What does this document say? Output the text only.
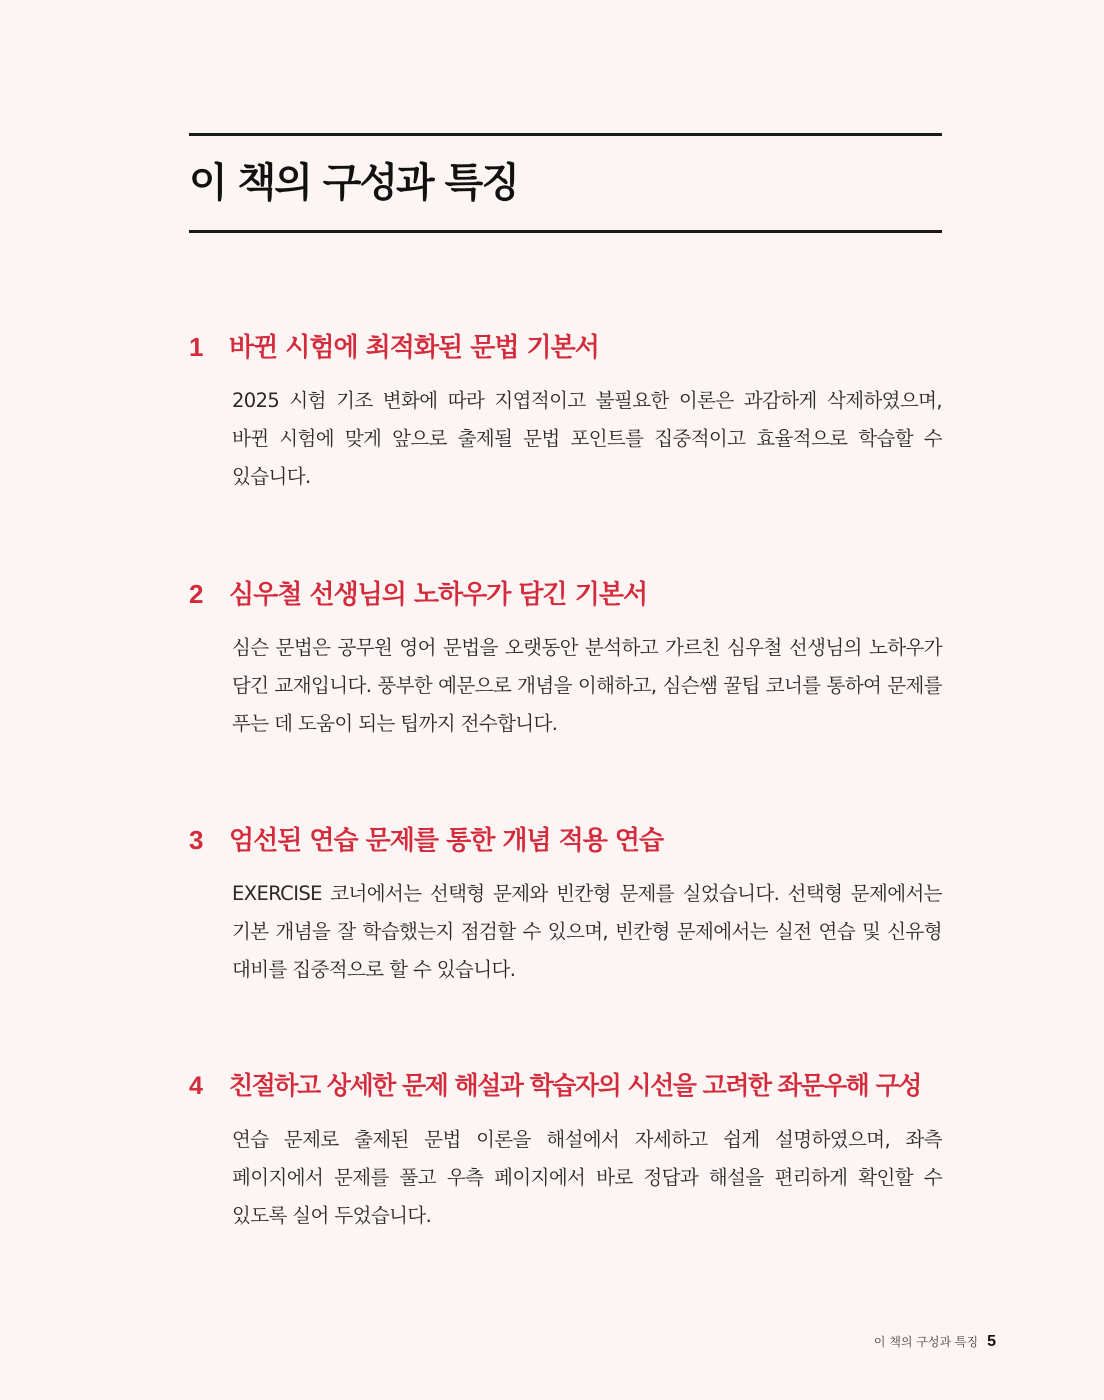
이 책의 구성과 특징
1 바뀐 시험에 최적화된 문법 기본서
2025 시험 기조 변화에 따라 지엽적이고 불필요한 이론은 과감하게 삭제하였으며, 바뀐 시험에 맞게 앞으로 출제될 문법 포인트를 집중적이고 효율적으로 학습할 수 있습니다.
2 심우철 선생님의 노하우가 담긴 기본서
심슨 문법은 공무원 영어 문법을 오랫동안 분석하고 가르친 심우철 선생님의 노하우가 담긴 교재입니다. 풍부한 예문으로 개념을 이해하고, 심슨쌤 꿀팁 코너를 통하여 문제를 푸는 데 도움이 되는 팁까지 전수합니다.
3 엄선된 연습 문제를 통한 개념 적용 연습
EXERCISE 코너에서는 선택형 문제와 빈칸형 문제를 실었습니다. 선택형 문제에서는 기본 개념을 잘 학습했는지 점검할 수 있으며, 빈칸형 문제에서는 실전 연습 및 신유형 대비를 집중적으로 할 수 있습니다.
4	친절하고 상세한 문제 해설과 학습자의 시선을 고려한 좌문우해 구성
연습 문제로 출제된 문법 이론을 해설에서 자세하고 쉽게 설명하였으며, 좌측 페이지에서 문제를 풀고 우측 페이지에서 바로 정답과 해설을 편리하게 확인할 수 있도록 실어 두었습니다.
이 책의 구성과 특징 5
